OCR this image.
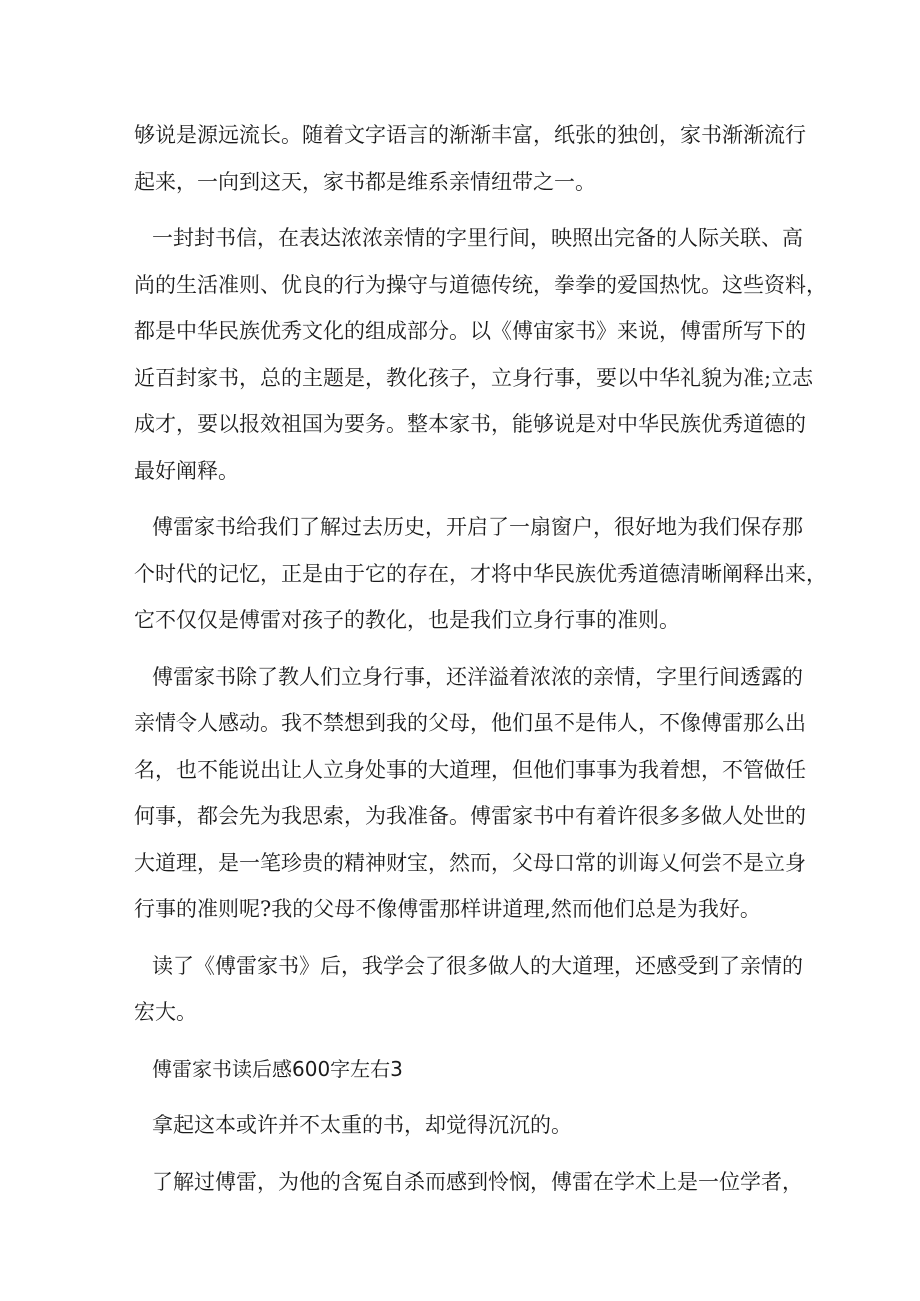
够说是源远流长。随着文字语言的渐渐丰富，纸张的独创，家书渐渐流行
起来，一向到这天，家书都是维系亲情纽带之一。
一封封书信，在表达浓浓亲情的字里行间，映照出完备的人际关联、高
尚的生活准则、优良的行为操守与道德传统，拳拳的爱国热忱。这些资料，
都是中华民族优秀文化的组成部分。以《傅宙家书》来说，傅雷所写下的
近百封家书，总的主题是，教化孩子，立身行事，要以中华礼貌为准;立志
成才，要以报效祖国为要务。整本家书，能够说是对中华民族优秀道德的
最好阐释。
傅雷家书给我们了解过去历史，开启了一扇窗户，很好地为我们保存那
个时代的记忆，正是由于它的存在，才将中华民族优秀道德清晰阐释出来，
它不仅仅是傅雷对孩子的教化，也是我们立身行事的准则。
傅雷家书除了教人们立身行事，还洋溢着浓浓的亲情，字里行间透露的
亲情令人感动。我不禁想到我的父母，他们虽不是伟人，不像傅雷那么出
名，也不能说出让人立身处事的大道理，但他们事事为我着想，不管做任
何事，都会先为我思索，为我准备。傅雷家书中有着许很多多做人处世的
大道理，是一笔珍贵的精神财宝，然而，父母口常的训诲乂何尝不是立身
行事的准则呢?我的父母不像傅雷那样讲道理,然而他们总是为我好。
读了《傅雷家书》后，我学会了很多做人的大道理，还感受到了亲情的
宏大。
傅雷家书读后感600字左右3
拿起这本或许并不太重的书，却觉得沉沉的。
了解过傅雷，为他的含冤自杀而感到怜悯，傅雷在学术上是一位学者，
